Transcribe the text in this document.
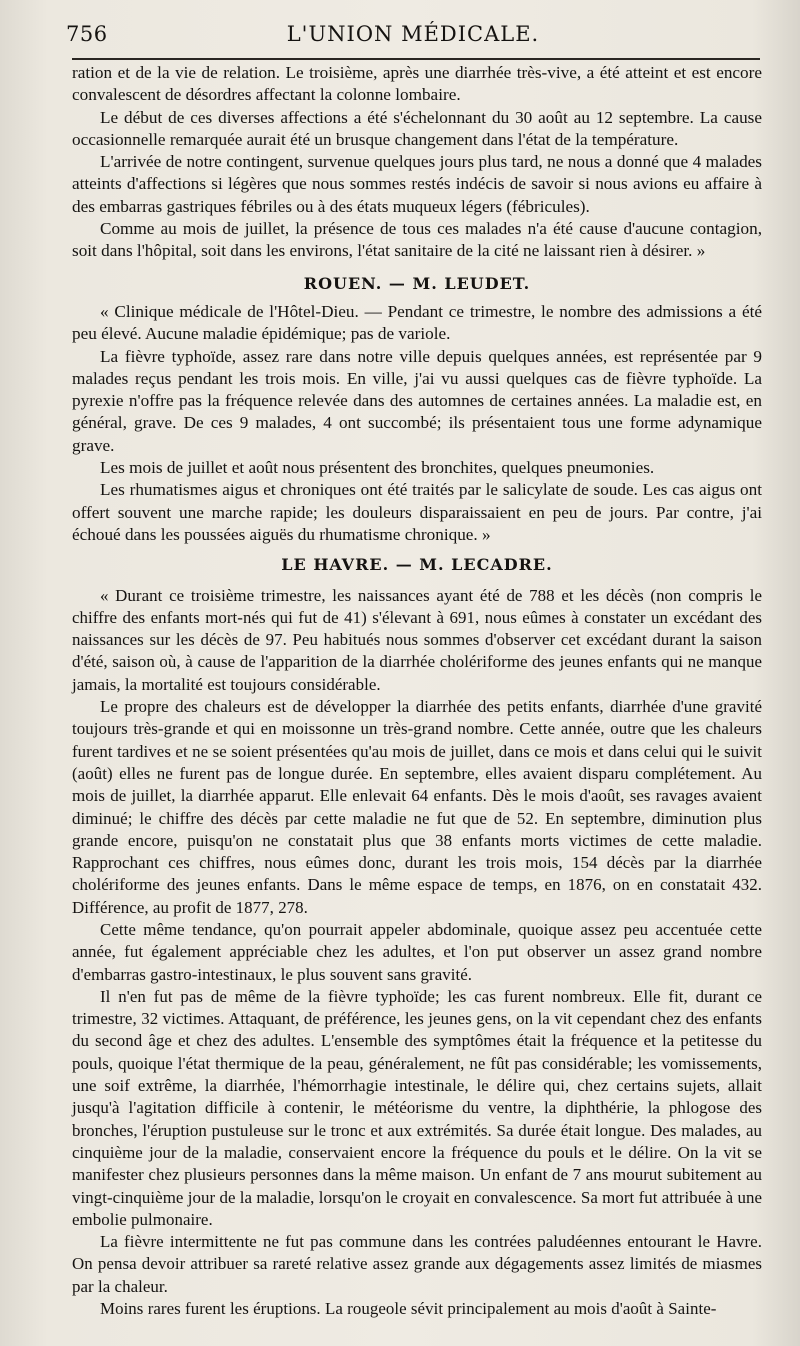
756	L'UNION MÉDICALE.

ration et de la vie de relation. Le troisième, après une diarrhée très-vive, a été atteint et est encore convalescent de désordres affectant la colonne lombaire.

Le début de ces diverses affections a été s'échelonnant du 30 août au 12 septembre. La cause occasionnelle remarquée aurait été un brusque changement dans l'état de la température.

L'arrivée de notre contingent, survenue quelques jours plus tard, ne nous a donné que 4 malades atteints d'affections si légères que nous sommes restés indécis de savoir si nous avions eu affaire à des embarras gastriques fébriles ou à des états muqueux légers (fébricules).

Comme au mois de juillet, la présence de tous ces malades n'a été cause d'aucune contagion, soit dans l'hôpital, soit dans les environs, l'état sanitaire de la cité ne laissant rien à désirer. »

ROUEN. — M. LEUDET.

« Clinique médicale de l'Hôtel-Dieu. — Pendant ce trimestre, le nombre des admissions a été peu élevé. Aucune maladie épidémique; pas de variole.

La fièvre typhoïde, assez rare dans notre ville depuis quelques années, est représentée par 9 malades reçus pendant les trois mois. En ville, j'ai vu aussi quelques cas de fièvre typhoïde. La pyrexie n'offre pas la fréquence relevée dans des automnes de certaines années. La maladie est, en général, grave. De ces 9 malades, 4 ont succombé; ils présentaient tous une forme adynamique grave.

Les mois de juillet et août nous présentent des bronchites, quelques pneumonies.

Les rhumatismes aigus et chroniques ont été traités par le salicylate de soude. Les cas aigus ont offert souvent une marche rapide; les douleurs disparaissaient en peu de jours. Par contre, j'ai échoué dans les poussées aiguës du rhumatisme chronique. »

LE HAVRE. — M. LECADRE.

« Durant ce troisième trimestre, les naissances ayant été de 788 et les décès (non compris le chiffre des enfants mort-nés qui fut de 41) s'élevant à 691, nous eûmes à constater un excédant des naissances sur les décès de 97. Peu habitués nous sommes d'observer cet excédant durant la saison d'été, saison où, à cause de l'apparition de la diarrhée cholériforme des jeunes enfants qui ne manque jamais, la mortalité est toujours considérable.

Le propre des chaleurs est de développer la diarrhée des petits enfants, diarrhée d'une gravité toujours très-grande et qui en moissonne un très-grand nombre. Cette année, outre que les chaleurs furent tardives et ne se soient présentées qu'au mois de juillet, dans ce mois et dans celui qui le suivit (août) elles ne furent pas de longue durée. En septembre, elles avaient disparu complétement. Au mois de juillet, la diarrhée apparut. Elle enlevait 64 enfants. Dès le mois d'août, ses ravages avaient diminué; le chiffre des décès par cette maladie ne fut que de 52. En septembre, diminution plus grande encore, puisqu'on ne constatait plus que 38 enfants morts victimes de cette maladie. Rapprochant ces chiffres, nous eûmes donc, durant les trois mois, 154 décès par la diarrhée cholériforme des jeunes enfants. Dans le même espace de temps, en 1876, on en constatait 432. Différence, au profit de 1877, 278.

Cette même tendance, qu'on pourrait appeler abdominale, quoique assez peu accentuée cette année, fut également appréciable chez les adultes, et l'on put observer un assez grand nombre d'embarras gastro-intestinaux, le plus souvent sans gravité.

Il n'en fut pas de même de la fièvre typhoïde; les cas furent nombreux. Elle fit, durant ce trimestre, 32 victimes. Attaquant, de préférence, les jeunes gens, on la vit cependant chez des enfants du second âge et chez des adultes. L'ensemble des symptômes était la fréquence et la petitesse du pouls, quoique l'état thermique de la peau, généralement, ne fût pas considérable; les vomissements, une soif extrême, la diarrhée, l'hémorrhagie intestinale, le délire qui, chez certains sujets, allait jusqu'à l'agitation difficile à contenir, le météorisme du ventre, la diphthérie, la phlogose des bronches, l'éruption pustuleuse sur le tronc et aux extrémités. Sa durée était longue. Des malades, au cinquième jour de la maladie, conservaient encore la fréquence du pouls et le délire. On la vit se manifester chez plusieurs personnes dans la même maison. Un enfant de 7 ans mourut subitement au vingt-cinquième jour de la maladie, lorsqu'on le croyait en convalescence. Sa mort fut attribuée à une embolie pulmonaire.

La fièvre intermittente ne fut pas commune dans les contrées paludéennes entourant le Havre. On pensa devoir attribuer sa rareté relative assez grande aux dégagements assez limités de miasmes par la chaleur.

Moins rares furent les éruptions. La rougeole sévit principalement au mois d'août à Sainte-
